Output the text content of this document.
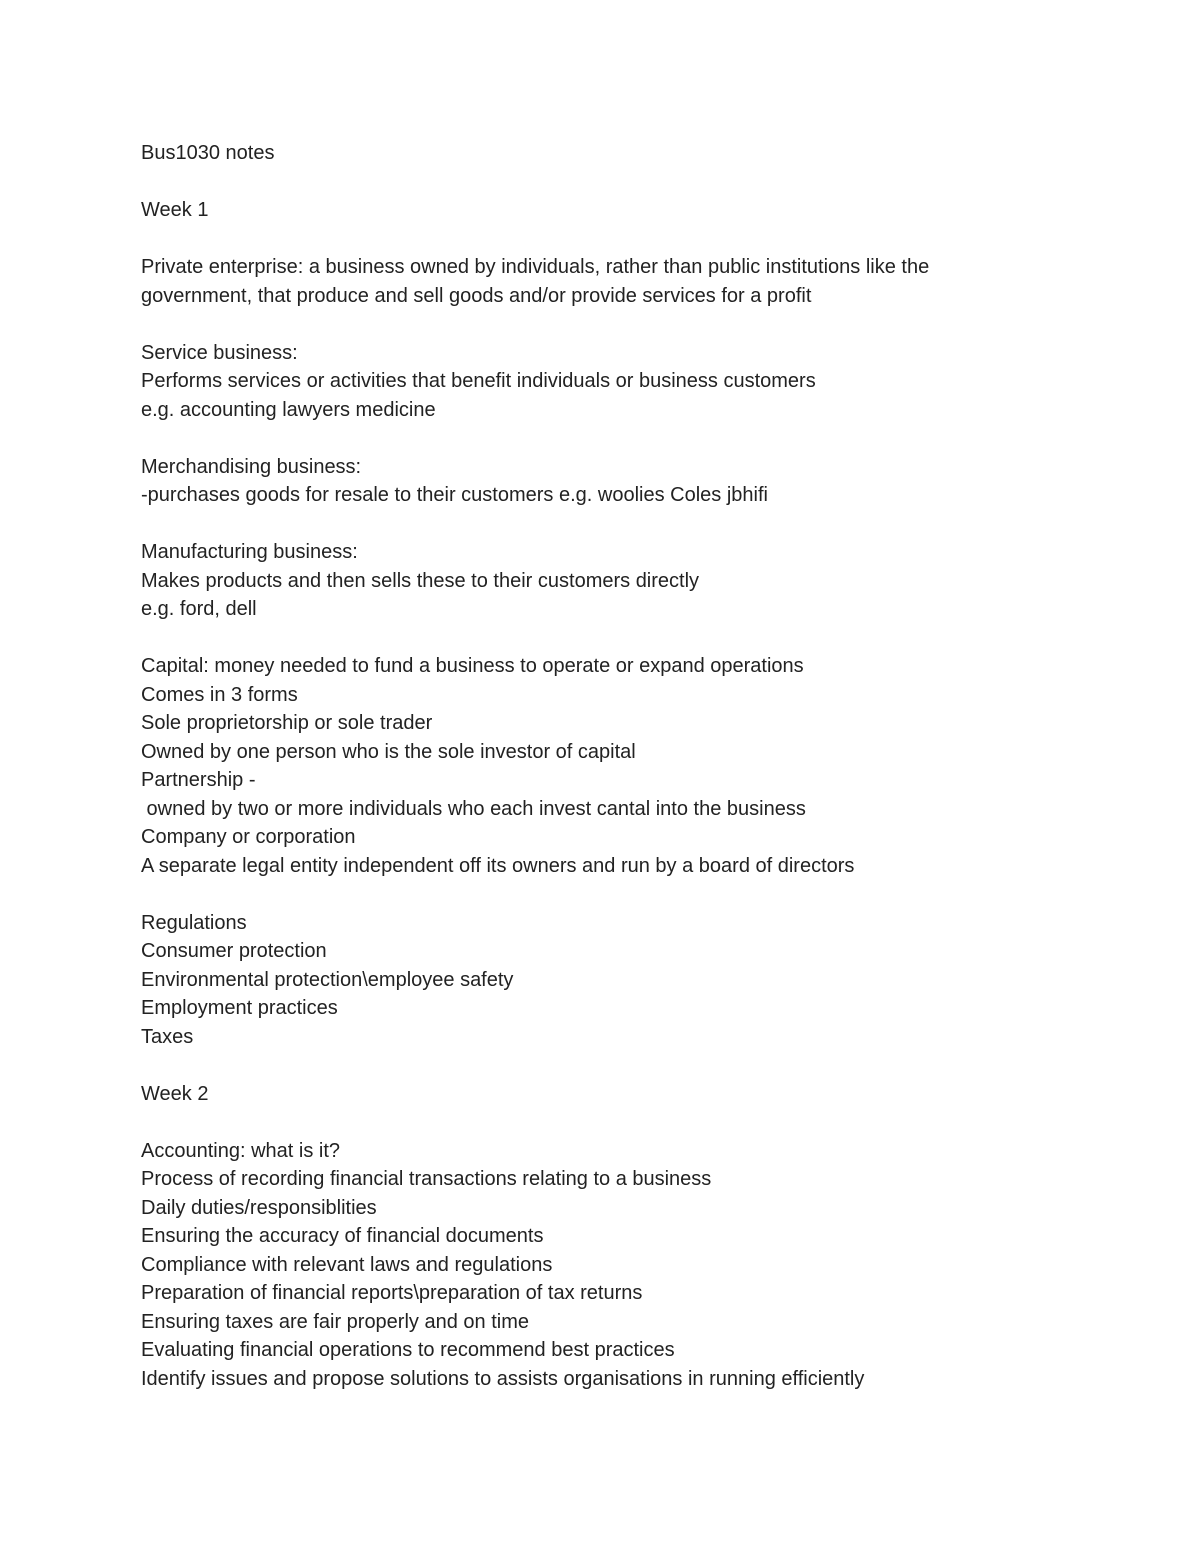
Bus1030 notes
Week 1
Private enterprise: a business owned by individuals, rather than public institutions like the
government, that produce and sell goods and/or provide services for a profit
Service business:
Performs services or activities that benefit individuals or business customers
e.g. accounting lawyers medicine
Merchandising business:
-purchases goods for resale to their customers e.g. woolies Coles jbhifi
Manufacturing business:
Makes products and then sells these to their customers directly
e.g. ford, dell
Capital: money needed to fund a business to operate or expand operations
Comes in 3 forms
Sole proprietorship or sole trader
Owned by one person who is the sole investor of capital
Partnership -
owned by two or more individuals who each invest cantal into the business
Company or corporation
A separate legal entity independent off its owners and run by a board of directors
Regulations
Consumer protection
Environmental protection\employee safety
Employment practices
Taxes
Week 2
Accounting: what is it?
Process of recording financial transactions relating to a business
Daily duties/responsiblities
Ensuring the accuracy of financial documents
Compliance with relevant laws and regulations
Preparation of financial reports\preparation of tax returns
Ensuring taxes are fair properly and on time
Evaluating financial operations to recommend best practices
Identify issues and propose solutions to assists organisations in running efficiently
